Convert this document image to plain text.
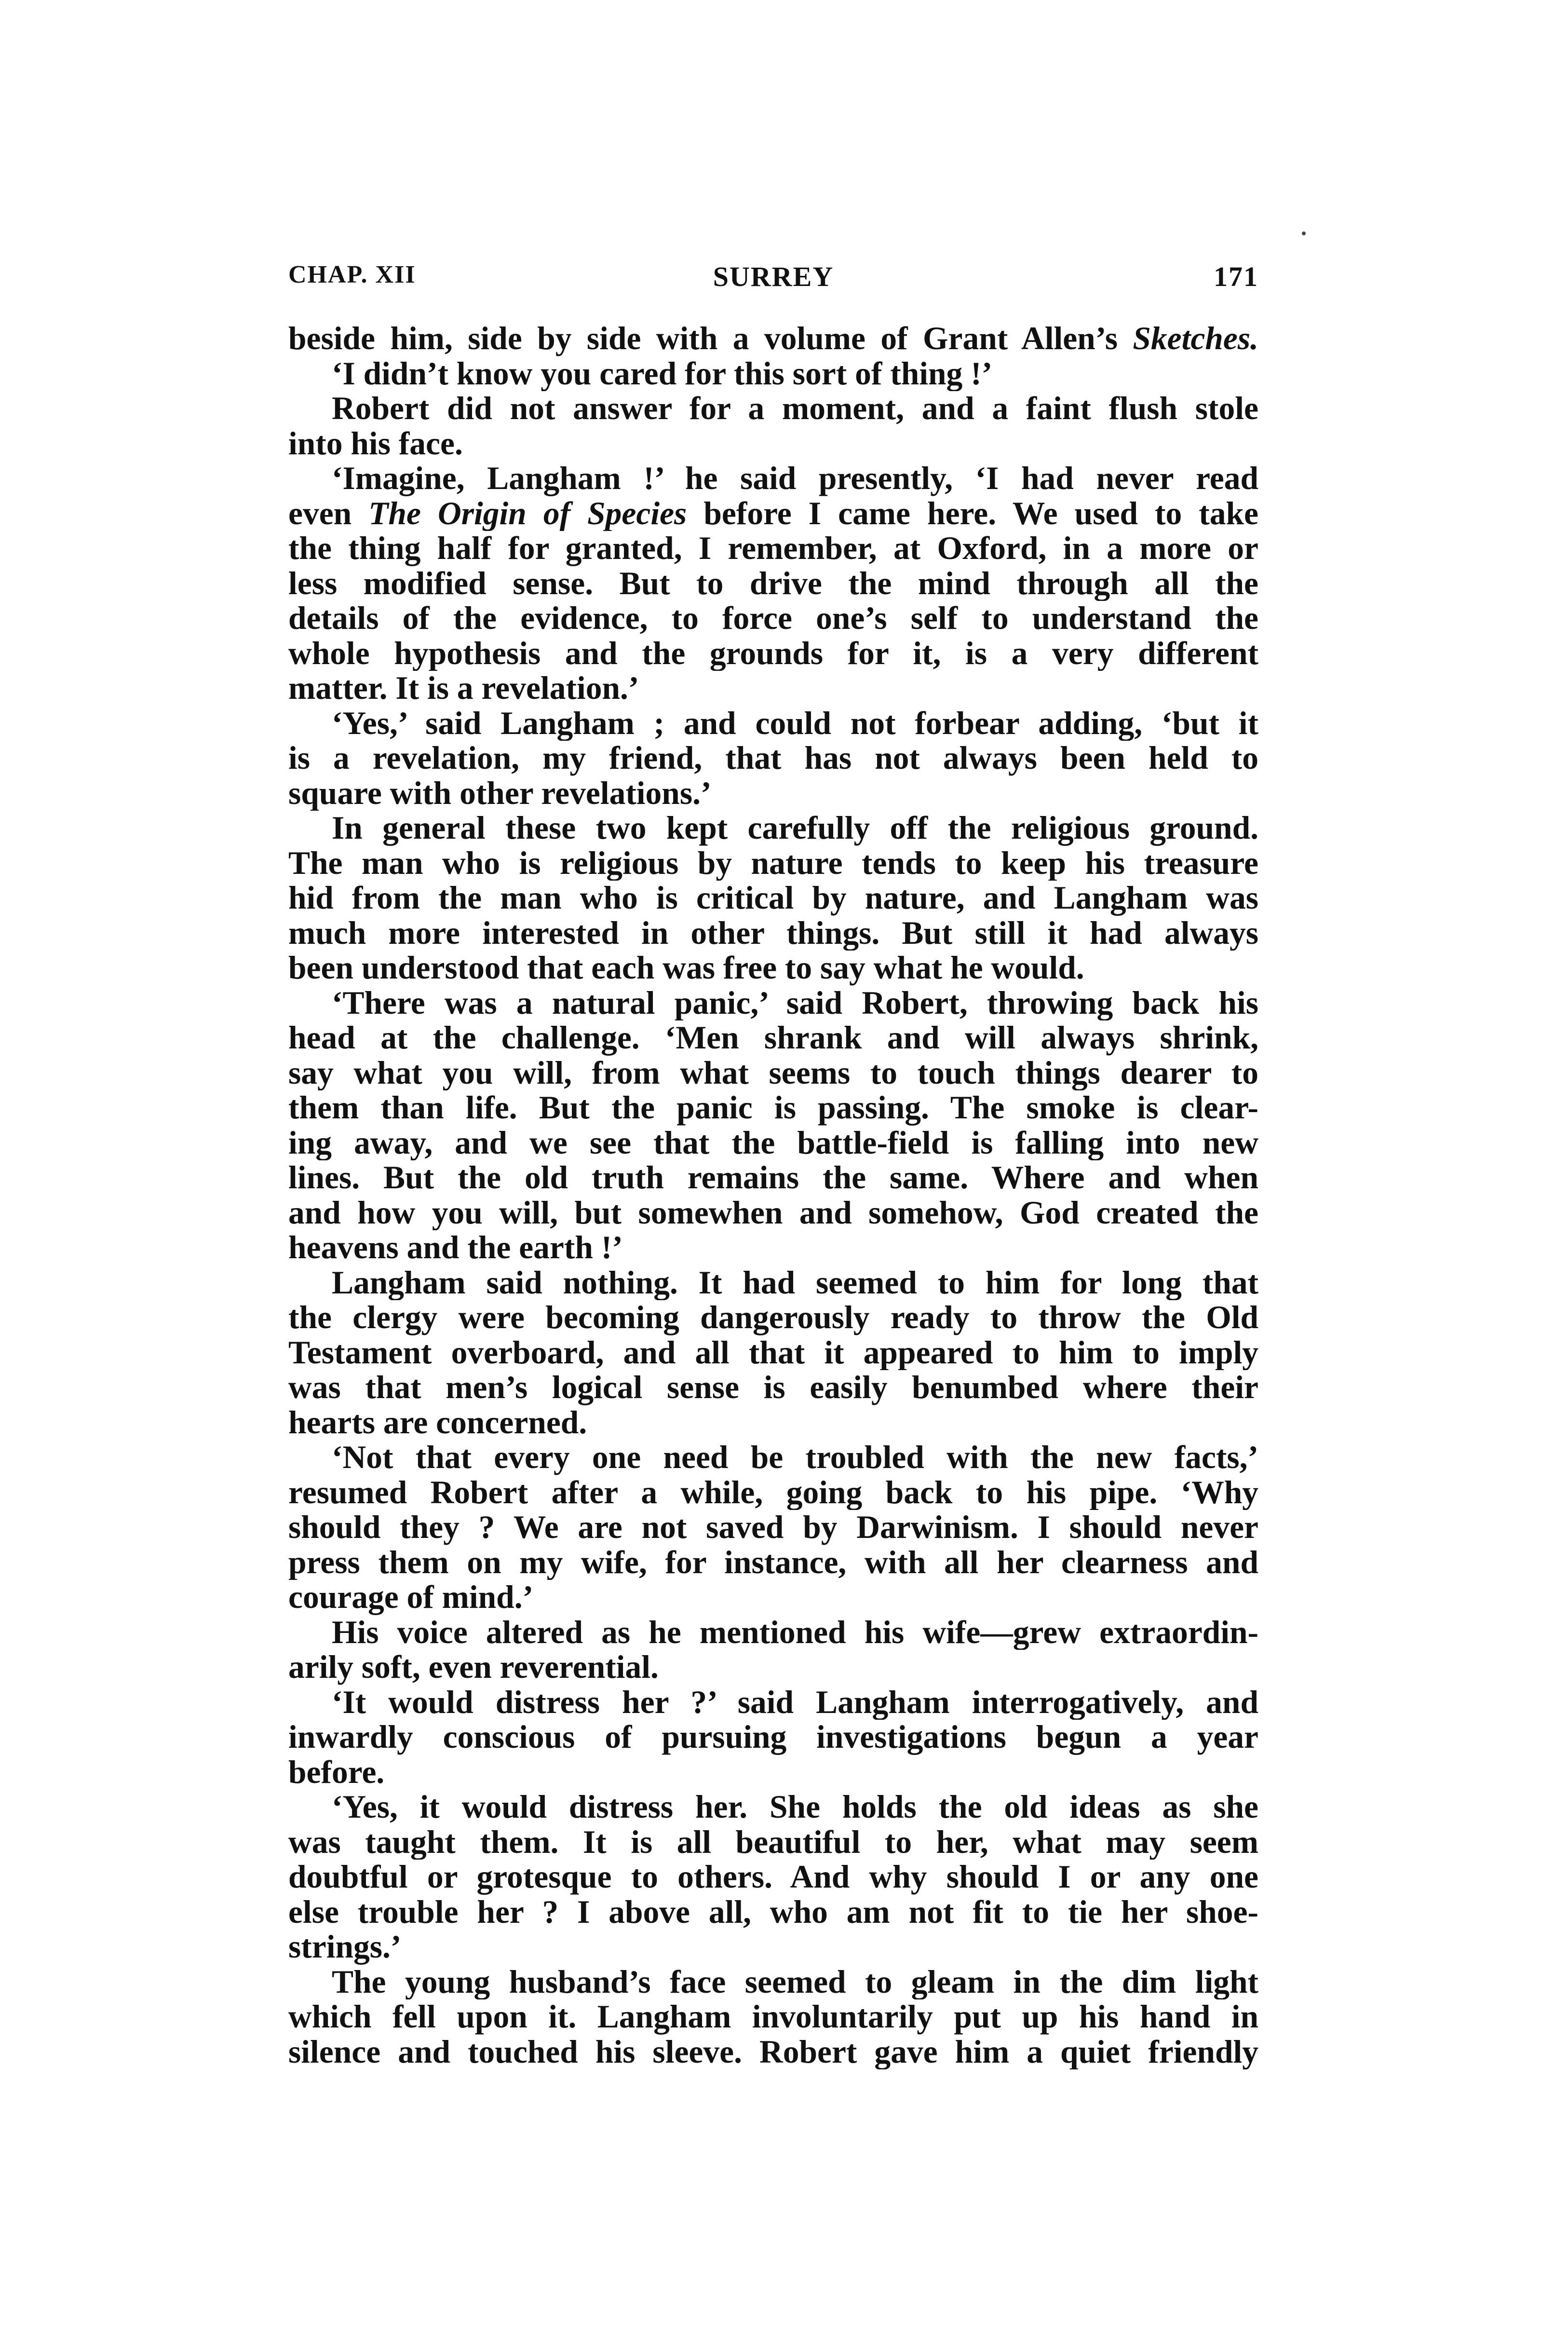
CHAP. XII	SURREY	171
beside him, side by side with a volume of Grant Allen’s Sketches.
‘I didn’t know you cared for this sort of thing !’
Robert did not answer for a moment, and a faint flush stole
into his face.
‘Imagine, Langham !’ he said presently, ‘I had never read
even The Origin of Species before I came here. We used to take
the thing half for granted, I remember, at Oxford, in a more or
less modified sense. But to drive the mind through all the
details of the evidence, to force one’s self to understand the
whole hypothesis and the grounds for it, is a very different
matter. It is a revelation.’
‘Yes,’ said Langham ; and could not forbear adding, ‘but it
is a revelation, my friend, that has not always been held to
square with other revelations.’
In general these two kept carefully off the religious ground.
The man who is religious by nature tends to keep his treasure
hid from the man who is critical by nature, and Langham was
much more interested in other things. But still it had always
been understood that each was free to say what he would.
‘There was a natural panic,’ said Robert, throwing back his
head at the challenge. ‘Men shrank and will always shrink,
say what you will, from what seems to touch things dearer to
them than life. But the panic is passing. The smoke is clear-
ing away, and we see that the battle-field is falling into new
lines. But the old truth remains the same. Where and when
and how you will, but somewhen and somehow, God created the
heavens and the earth !’
Langham said nothing. It had seemed to him for long that
the clergy were becoming dangerously ready to throw the Old
Testament overboard, and all that it appeared to him to imply
was that men’s logical sense is easily benumbed where their
hearts are concerned.
‘Not that every one need be troubled with the new facts,’
resumed Robert after a while, going back to his pipe. ‘Why
should they ? We are not saved by Darwinism. I should never
press them on my wife, for instance, with all her clearness and
courage of mind.’
His voice altered as he mentioned his wife—grew extraordin-
arily soft, even reverential.
‘It would distress her ?’ said Langham interrogatively, and
inwardly conscious of pursuing investigations begun a year
before.
‘Yes, it would distress her. She holds the old ideas as she
was taught them. It is all beautiful to her, what may seem
doubtful or grotesque to others. And why should I or any one
else trouble her ? I above all, who am not fit to tie her shoe-
strings.’
The young husband’s face seemed to gleam in the dim light
which fell upon it. Langham involuntarily put up his hand in
silence and touched his sleeve. Robert gave him a quiet friendly
